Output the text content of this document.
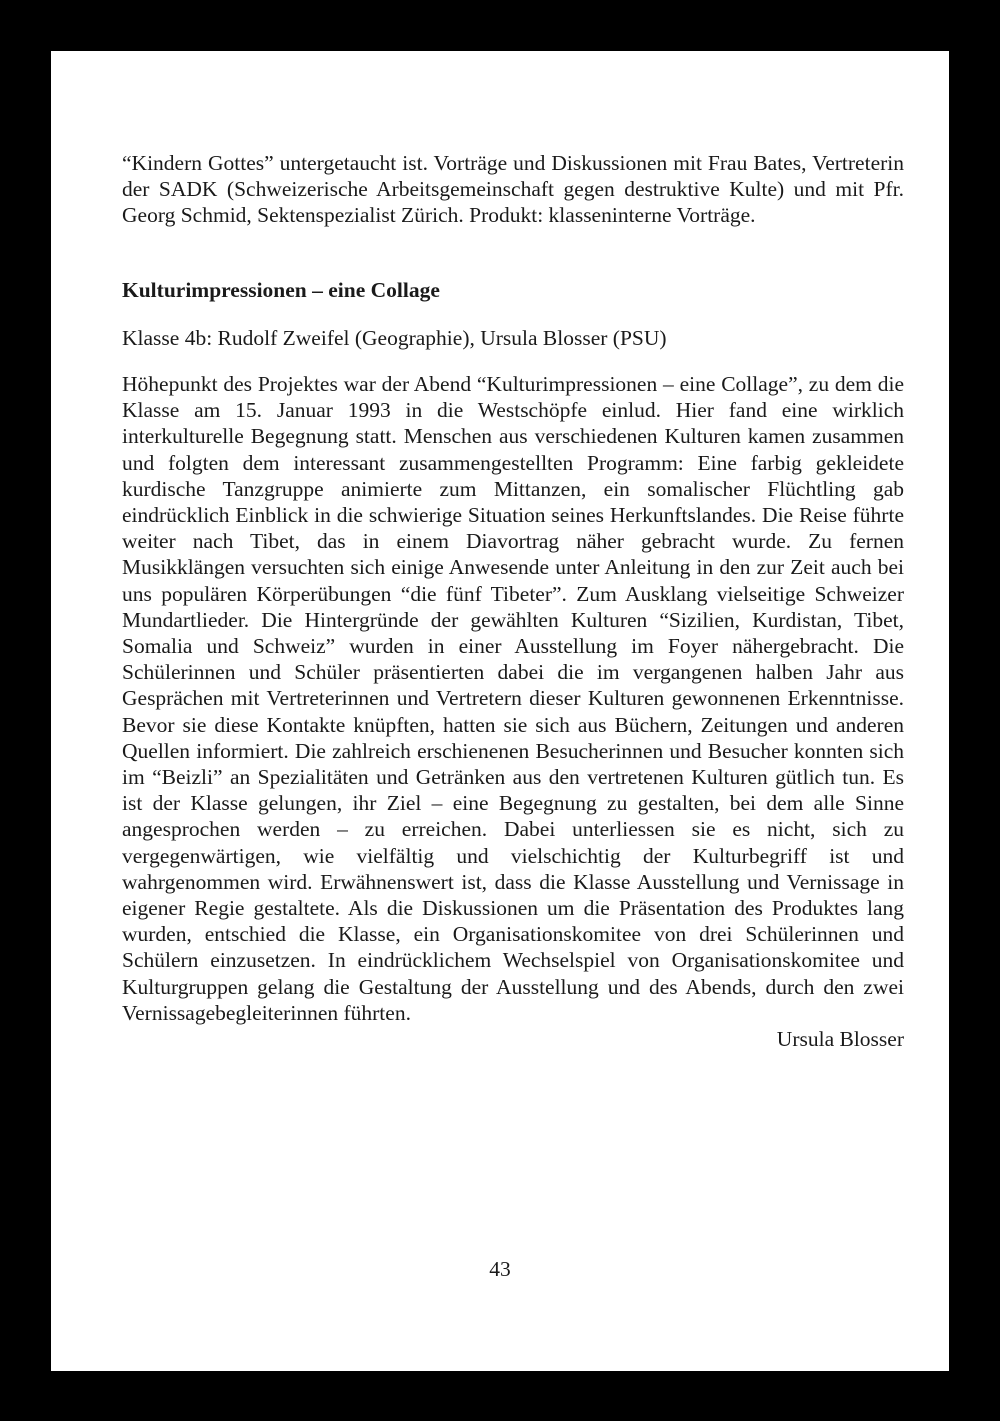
“Kindern Gottes” untergetaucht ist. Vorträge und Diskussionen mit Frau Bates, Vertreterin der SADK (Schweizerische Arbeitsgemeinschaft gegen destruktive Kulte) und mit Pfr. Georg Schmid, Sektenspezialist Zürich. Produkt: klasseninterne Vorträge.

Kulturimpressionen – eine Collage

Klasse 4b: Rudolf Zweifel (Geographie), Ursula Blosser (PSU)

Höhepunkt des Projektes war der Abend “Kulturimpressionen – eine Collage”, zu dem die Klasse am 15. Januar 1993 in die Westschöpfe einlud. Hier fand eine wirklich interkulturelle Begegnung statt. Menschen aus verschiedenen Kulturen kamen zusammen und folgten dem interessant zusammengestellten Programm: Eine farbig gekleidete kurdische Tanzgruppe animierte zum Mittanzen, ein somalischer Flüchtling gab eindrücklich Einblick in die schwierige Situation seines Herkunftslandes. Die Reise führte weiter nach Tibet, das in einem Diavortrag näher gebracht wurde. Zu fernen Musikklängen versuchten sich einige Anwesende unter Anleitung in den zur Zeit auch bei uns populären Körperübungen “die fünf Tibeter”. Zum Ausklang vielseitige Schweizer Mundartlieder. Die Hintergründe der gewählten Kulturen “Sizilien, Kurdistan, Tibet, Somalia und Schweiz” wurden in einer Ausstellung im Foyer nähergebracht. Die Schülerinnen und Schüler präsentierten dabei die im vergangenen halben Jahr aus Gesprächen mit Vertreterinnen und Vertretern dieser Kulturen gewonnenen Erkenntnisse. Bevor sie diese Kontakte knüpften, hatten sie sich aus Büchern, Zeitungen und anderen Quellen informiert. Die zahlreich erschienenen Besucherinnen und Besucher konnten sich im “Beizli” an Spezialitäten und Getränken aus den vertretenen Kulturen gütlich tun. Es ist der Klasse gelungen, ihr Ziel – eine Begegnung zu gestalten, bei dem alle Sinne angesprochen werden – zu erreichen. Dabei unterliessen sie es nicht, sich zu vergegenwärtigen, wie vielfältig und vielschichtig der Kulturbegriff ist und wahrgenommen wird. Erwähnenswert ist, dass die Klasse Ausstellung und Vernissage in eigener Regie gestaltete. Als die Diskussionen um die Präsentation des Produktes lang wurden, entschied die Klasse, ein Organisationskomitee von drei Schülerinnen und Schülern einzusetzen. In eindrücklichem Wechselspiel von Organisationskomitee und Kulturgruppen gelang die Gestaltung der Ausstellung und des Abends, durch den zwei Vernissagebegleiterinnen führten.

Ursula Blosser

43
